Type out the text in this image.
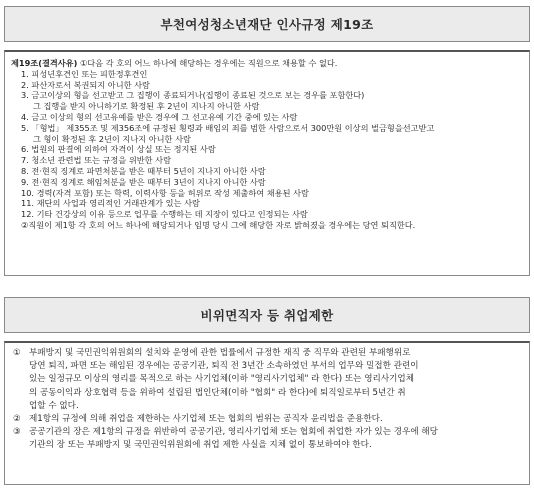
부천여성청소년재단 인사규정 제19조
제19조(결격사유) ①다음 각 호의 어느 하나에 해당하는 경우에는 직원으로 채용할 수 없다.
1. 피성년후견인 또는 피한정후견인
2. 파산자로서 복권되지 아니한 사람
3. 금고이상의 형을 선고받고 그 집행이 종료되거나(집행이 종료된 것으로 보는 경우를 포함한다)
그 집행을 받지 아니하기로 확정된 후 2년이 지나지 아니한 사람
4. 금고 이상의 형의 선고유예를 받은 경우에 그 선고유예 기간 중에 있는 사람
5. 「형법」 제355조 및 제356조에 규정된 횡령과 배임의 죄를 범한 사람으로서 300만원 이상의 벌금형을선고받고
그 형이 확정된 후 2년이 지나지 아니한 사람
6. 법원의 판결에 의하여 자격이 상실 또는 정지된 사람
7. 청소년 관련법 또는 규정을 위반한 사람
8. 전·현직 징계로 파면처분을 받은 때부터 5년이 지나지 아니한 사람
9. 전·현직 징계로 해임처분을 받은 때부터 3년이 지나지 아니한 사람
10. 경력(자격 포함) 또는 학력, 이력사항 등을 허위로 작성 제출하여 채용된 사람
11. 재단의 사업과 영리적인 거래관계가 있는 사람
12. 기타 건강상의 이유 등으로 업무를 수행하는 데 지장이 있다고 인정되는 사람
②직원이 제1항 각 호의 어느 하나에 해당되거나 임명 당시 그에 해당한 자로 밝혀졌을 경우에는 당연 퇴직한다.
비위면직자 등 취업제한
① 부패방지 및 국민권익위원회의 설치와 운영에 관한 법률에서 규정한 재직 중 직무와 관련된 부패행위로
당연 퇴직, 파면 또는 해임된 경우에는 공공기관, 퇴직 전 3년간 소속하였던 부서의 업무와 밀접한 관련이
있는 일정규모 이상의 영리를 목적으로 하는 사기업체(이하 "영리사기업체" 라 한다) 또는 영리사기업체
의 공동이익과 상호협력 등을 위하여 설립된 법인단체(이하 "협회" 라 한다)에 퇴직일로부터 5년간 취
업할 수 없다.
② 제1항의 규정에 의해 취업을 제한하는 사기업체 또는 협회의 범위는 공직자 윤리법을 준용한다.
③ 공공기관의 장은 제1항의 규정을 위반하여 공공기관, 영리사기업체 또는 협회에 취업한 자가 있는 경우에 해당
기관의 장 또는 부패방지 및 국민권익위원회에 취업 제한 사실을 지체 없이 통보하여야 한다.
